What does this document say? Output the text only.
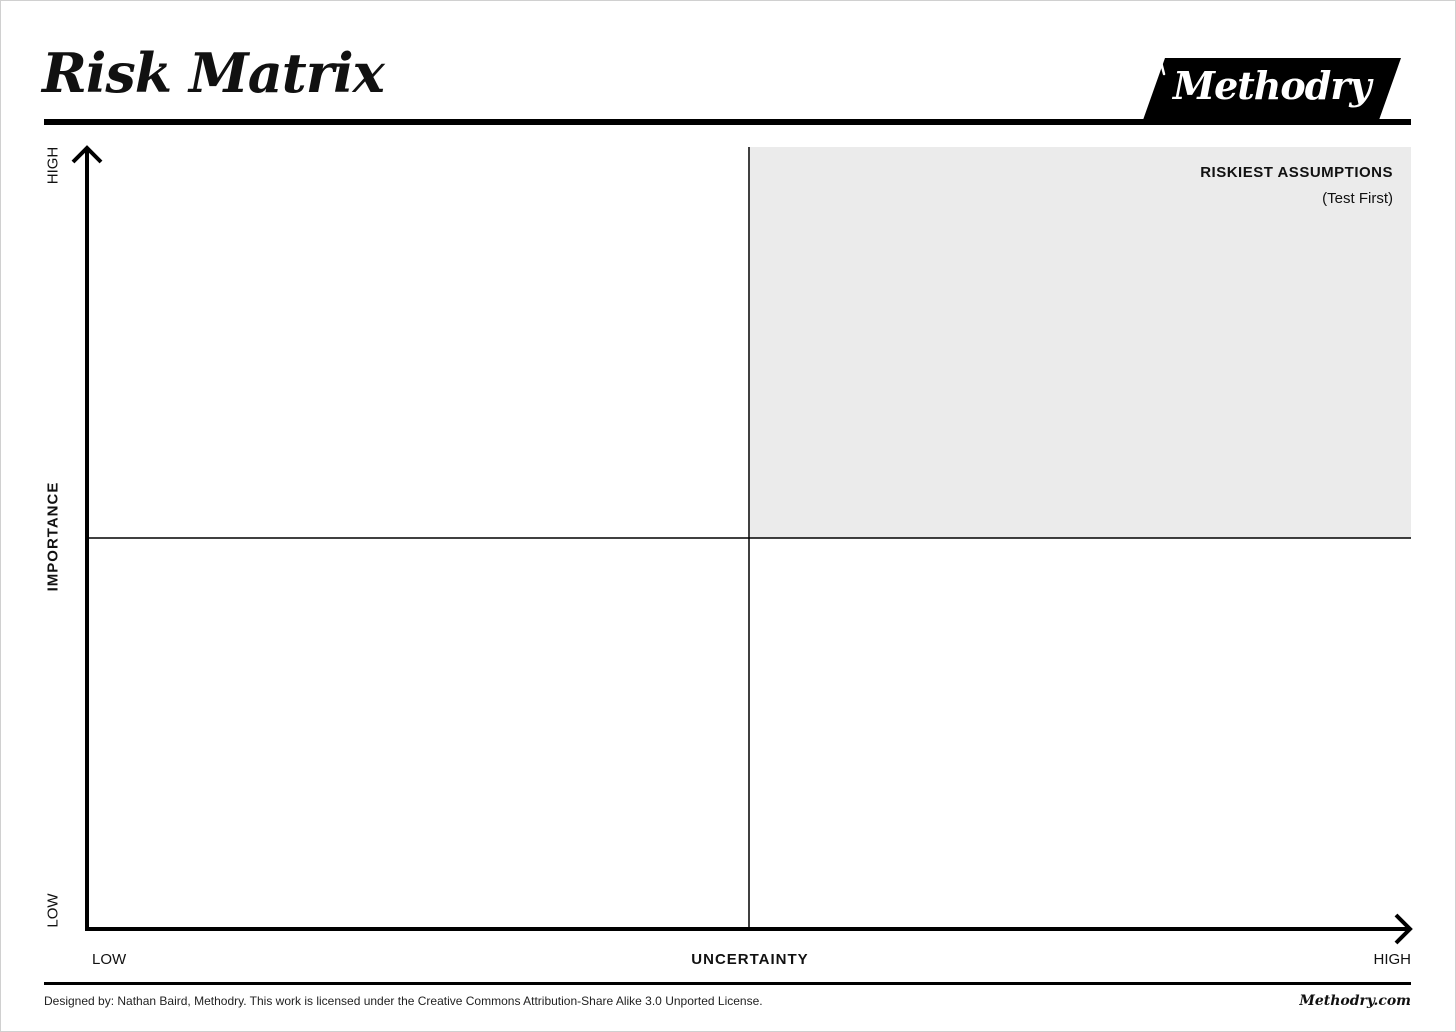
Risk Matrix	Methodry
RISKIEST ASSUMPTIONS
(Test First)
HIGH
LOW
IMPORTANCE
LOW	UNCERTAINTY	HIGH
Designed by: Nathan Baird, Methodry. This work is licensed under the Creative Commons Attribution-Share Alike 3.0 Unported License.	Methodry.com
